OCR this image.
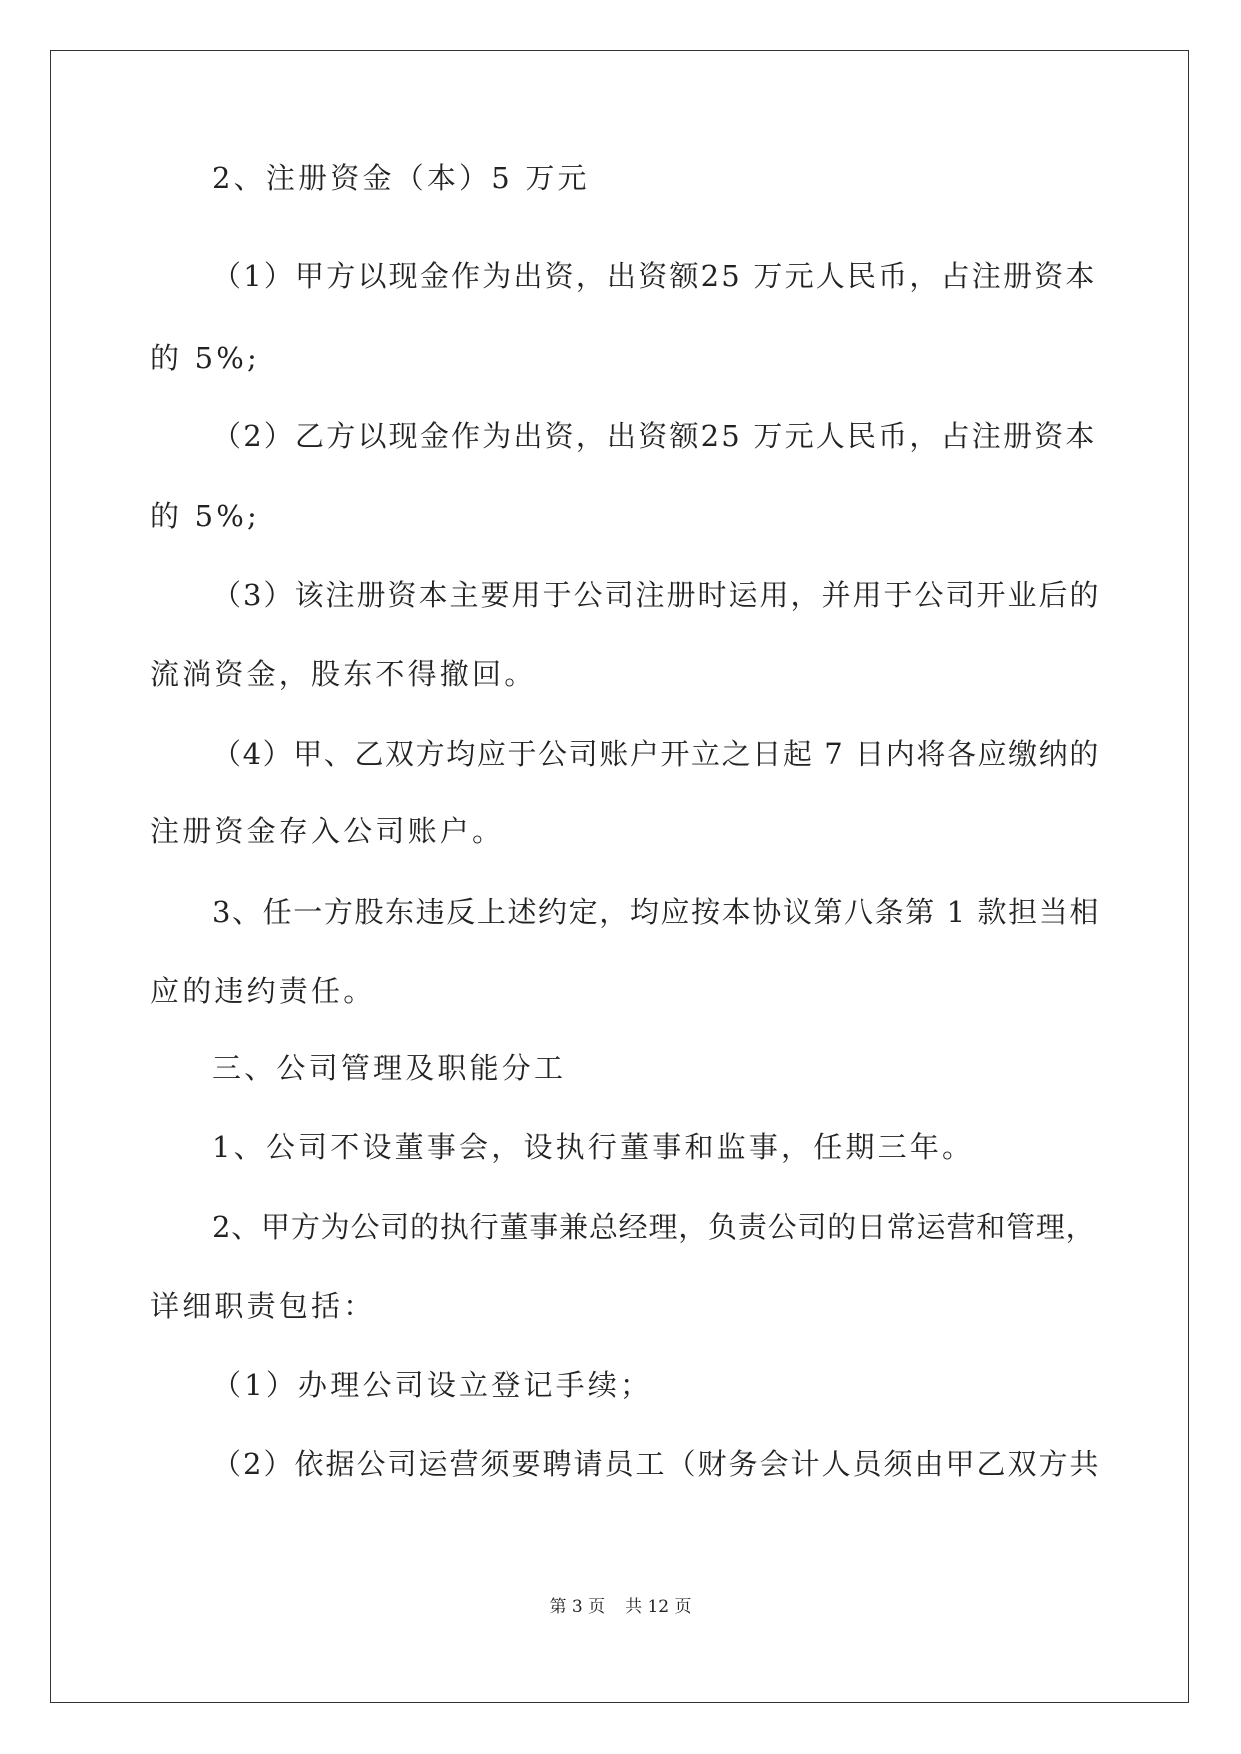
2、注册资金（本）5 万元
（1）甲方以现金作为出资，出资额25 万元人民币，占注册资本
的 5%;
（2）乙方以现金作为出资，出资额25 万元人民币，占注册资本
的 5%;
（3）该注册资本主要用于公司注册时运用，并用于公司开业后的
流淌资金，股东不得撤回。
（4）甲、乙双方均应于公司账户开立之日起 7 日内将各应缴纳的
注册资金存入公司账户。
3、任一方股东违反上述约定，均应按本协议第八条第 1 款担当相
应的违约责任。
三、公司管理及职能分工
1、公司不设董事会，设执行董事和监事，任期三年。
2、甲方为公司的执行董事兼总经理，负责公司的日常运营和管理，
详细职责包括：
（1）办理公司设立登记手续；
（2）依据公司运营须要聘请员工（财务会计人员须由甲乙双方共
第 3 页 共 12 页
